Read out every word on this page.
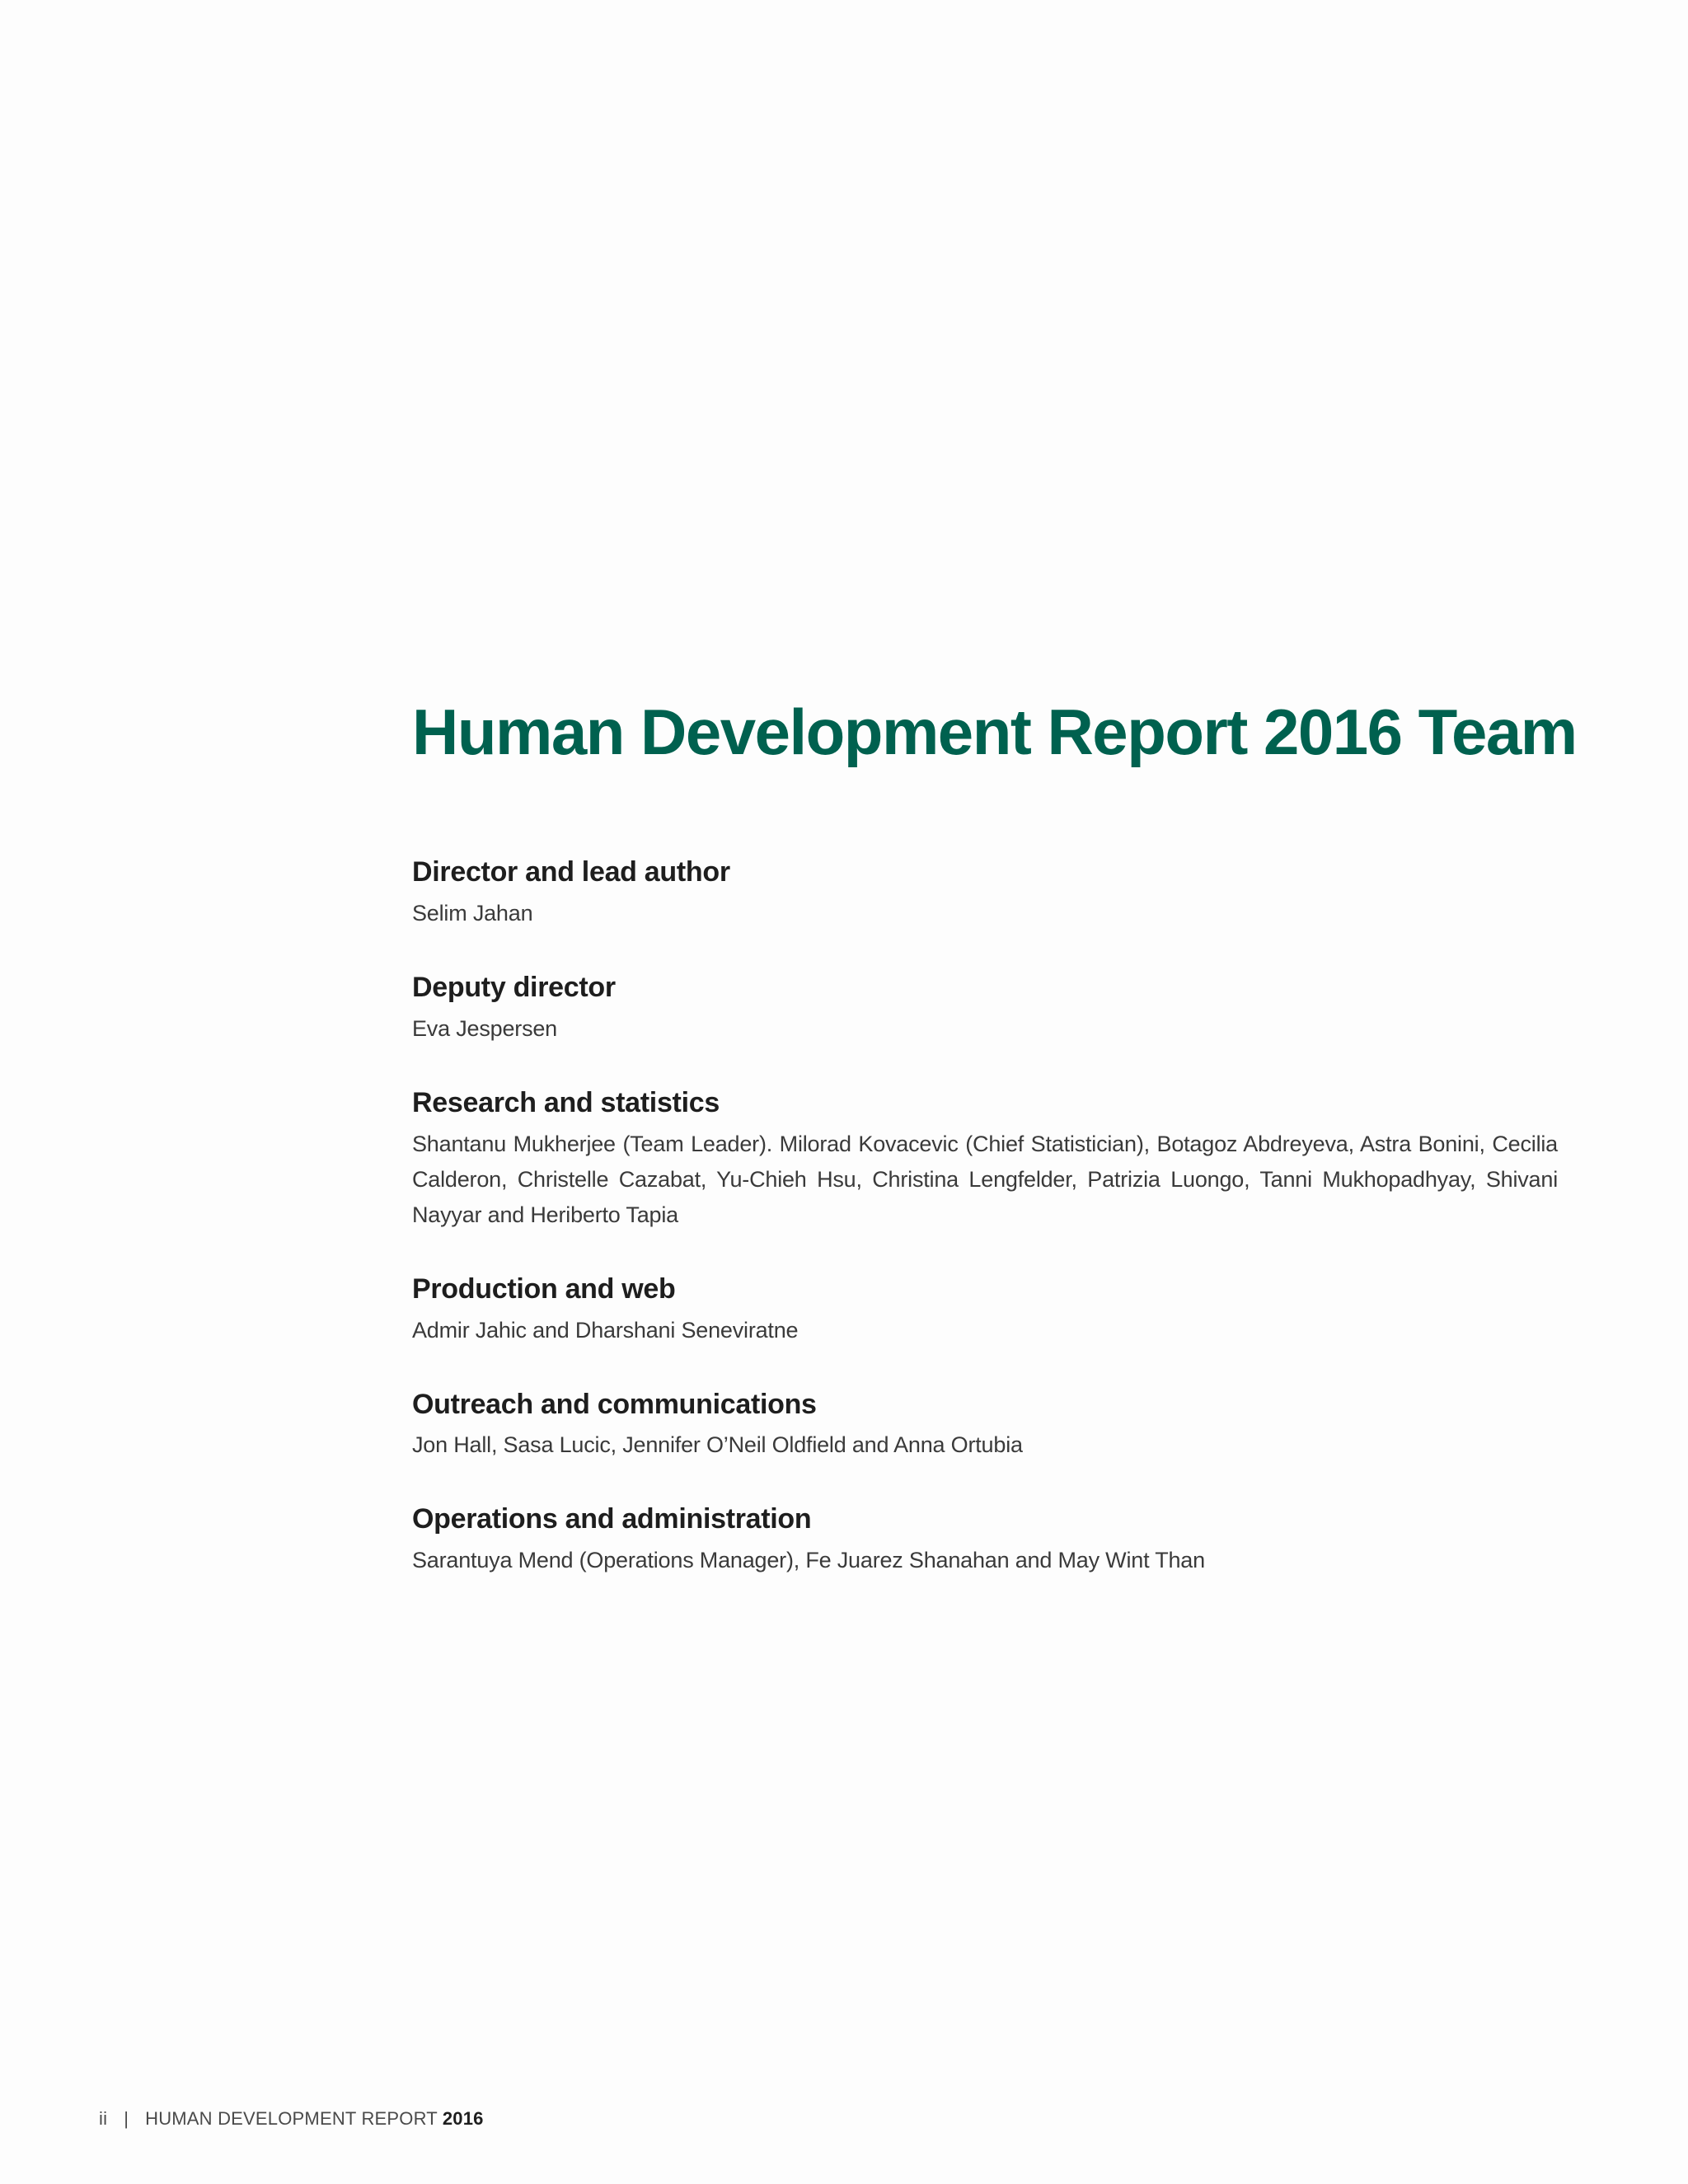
Human Development Report 2016 Team
Director and lead author

Selim Jahan

Deputy director

Eva Jespersen

Research and statistics

Shantanu Mukherjee (Team Leader). Milorad Kovacevic (Chief Statistician), Botagoz Abdreyeva, Astra Bonini, Cecilia Calderon, Christelle Cazabat, Yu-Chieh Hsu, Christina Lengfelder, Patrizia Luongo, Tanni Mukhopadhyay, Shivani Nayyar and Heriberto Tapia

Production and web

Admir Jahic and Dharshani Seneviratne

Outreach and communications

Jon Hall, Sasa Lucic, Jennifer O’Neil Oldfield and Anna Ortubia

Operations and administration

Sarantuya Mend (Operations Manager), Fe Juarez Shanahan and May Wint Than

ii | HUMAN DEVELOPMENT REPORT 2016
